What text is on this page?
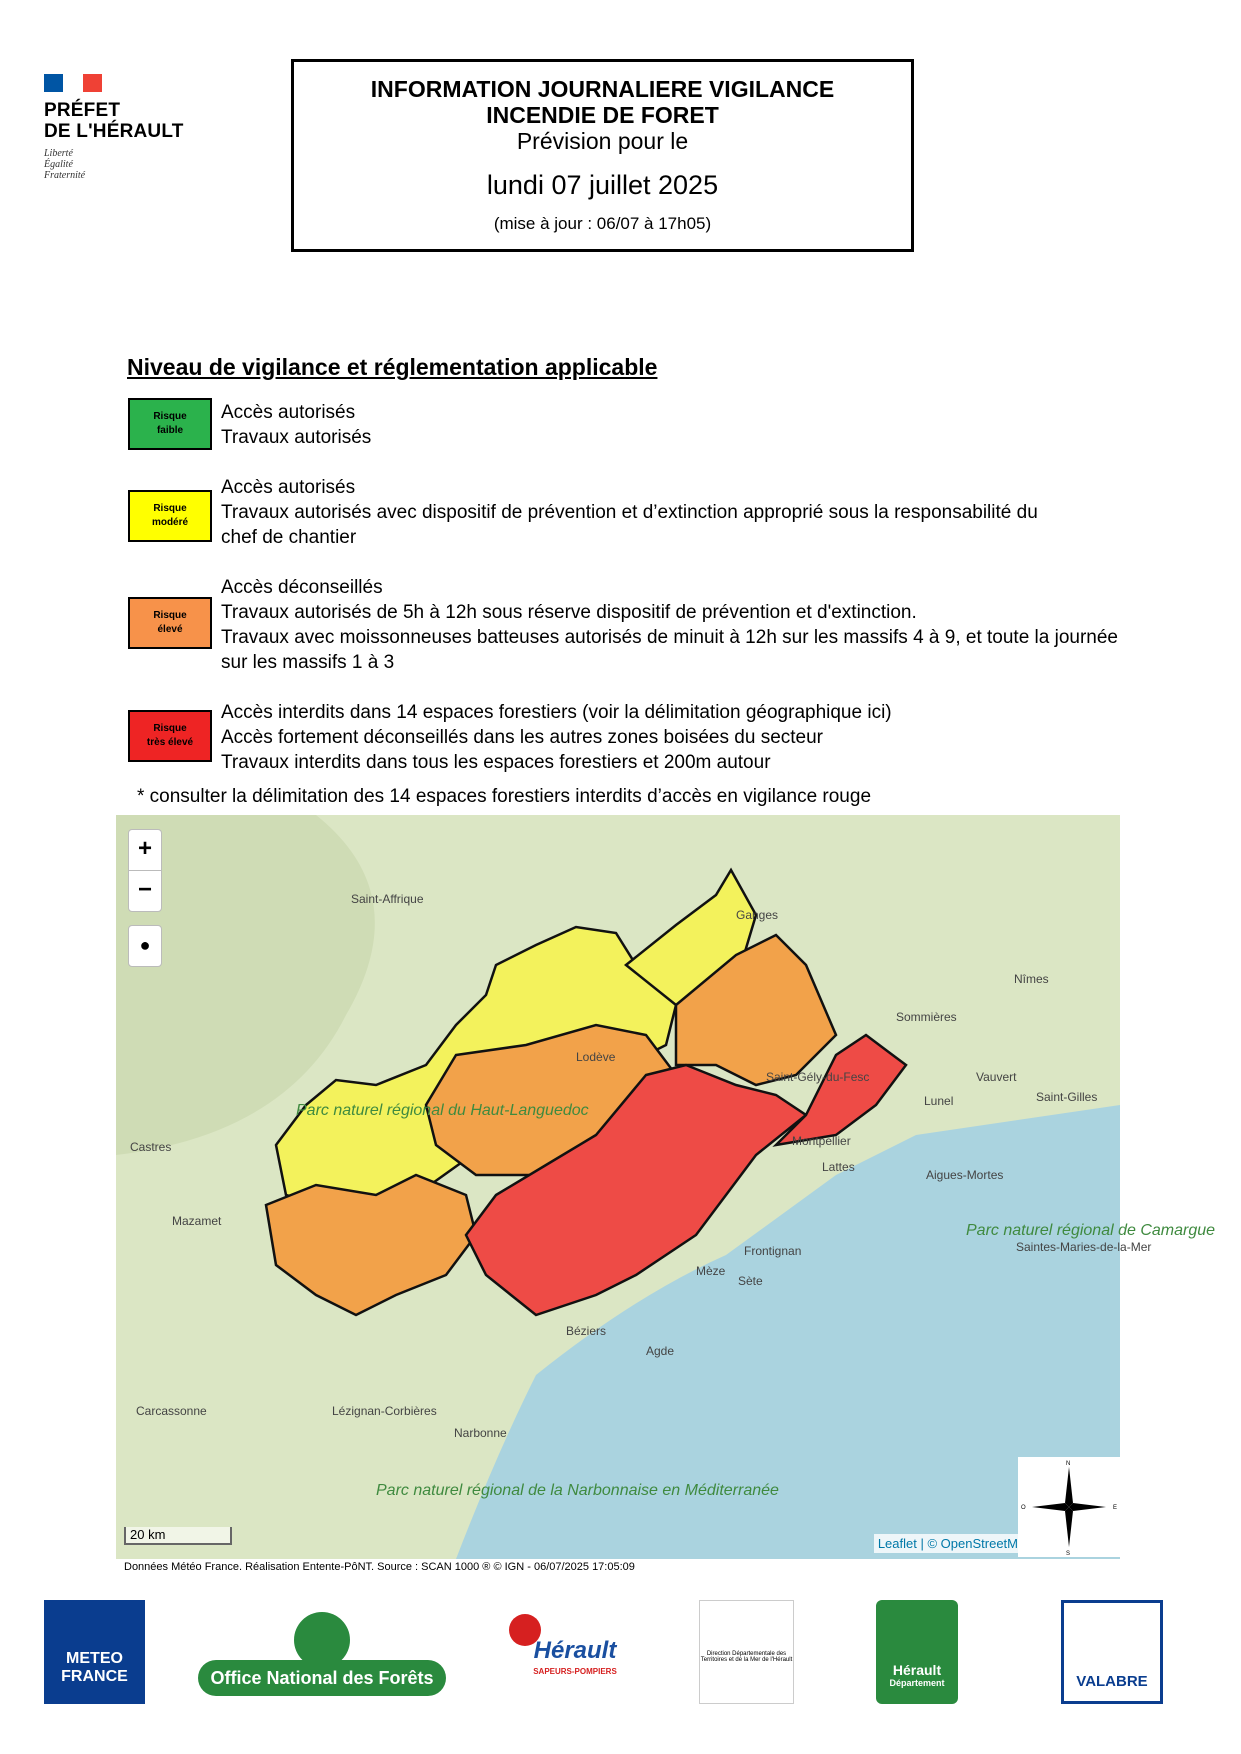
PRÉFET
DE L'HÉRAULT
Liberté
Égalité
Fraternité
INFORMATION JOURNALIERE VIGILANCE
INCENDIE DE FORET
Prévision pour le
lundi 07 juillet 2025
(mise à jour : 06/07 à 17h05)
Niveau de vigilance et réglementation applicable
Risque
faible
Accès autorisés
Travaux autorisés
Risque
modéré
Accès autorisés
Travaux autorisés avec dispositif de prévention et d’extinction approprié sous la responsabilité du
chef de chantier
Risque
élevé
Accès déconseillés
Travaux autorisés de 5h à 12h sous réserve dispositif de prévention et d'extinction.
Travaux avec moissonneuses batteuses autorisés de minuit à 12h sur les massifs 4 à 9, et toute la journée
sur les massifs 1 à 3
Risque
très élevé
Accès interdits dans 14 espaces forestiers (voir la délimitation géographique ici)
Accès fortement déconseillés dans les autres zones boisées du secteur
Travaux interdits dans tous les espaces forestiers et 200m autour
* consulter la délimitation des 14 espaces forestiers interdits d’accès en vigilance rouge
Saint-Affrique
Ganges
Nîmes
Sommières
Lodève
Saint-Gély-du-Fesc	Vauvert
Saint-Gilles
Lunel
Castres	Montpellier
Lattes
Aigues-Mortes
Mazamet
Frontignan
Mèze
Sète
Béziers
Agde
Carcassonne	Lézignan-Corbières
Narbonne
Saintes-Maries-de-la-Mer
Parc naturel régional du Haut-Languedoc
Parc naturel régional de la Narbonnaise en Méditerranée
Parc naturel régional de Camargue
+
−
●
20 km
Leaflet | © OpenStreetM
N
S
E
O
Données Météo France. Réalisation Entente-PôNT. Source : SCAN 1000 ® © IGN - 06/07/2025 17:05:09
METEO FRANCE	Office National des Forêts
Hérault
SAPEURS-POMPIERS
Direction Départementale des Territoires et de la Mer de l'Hérault
Hérault
Département	VALABRE
